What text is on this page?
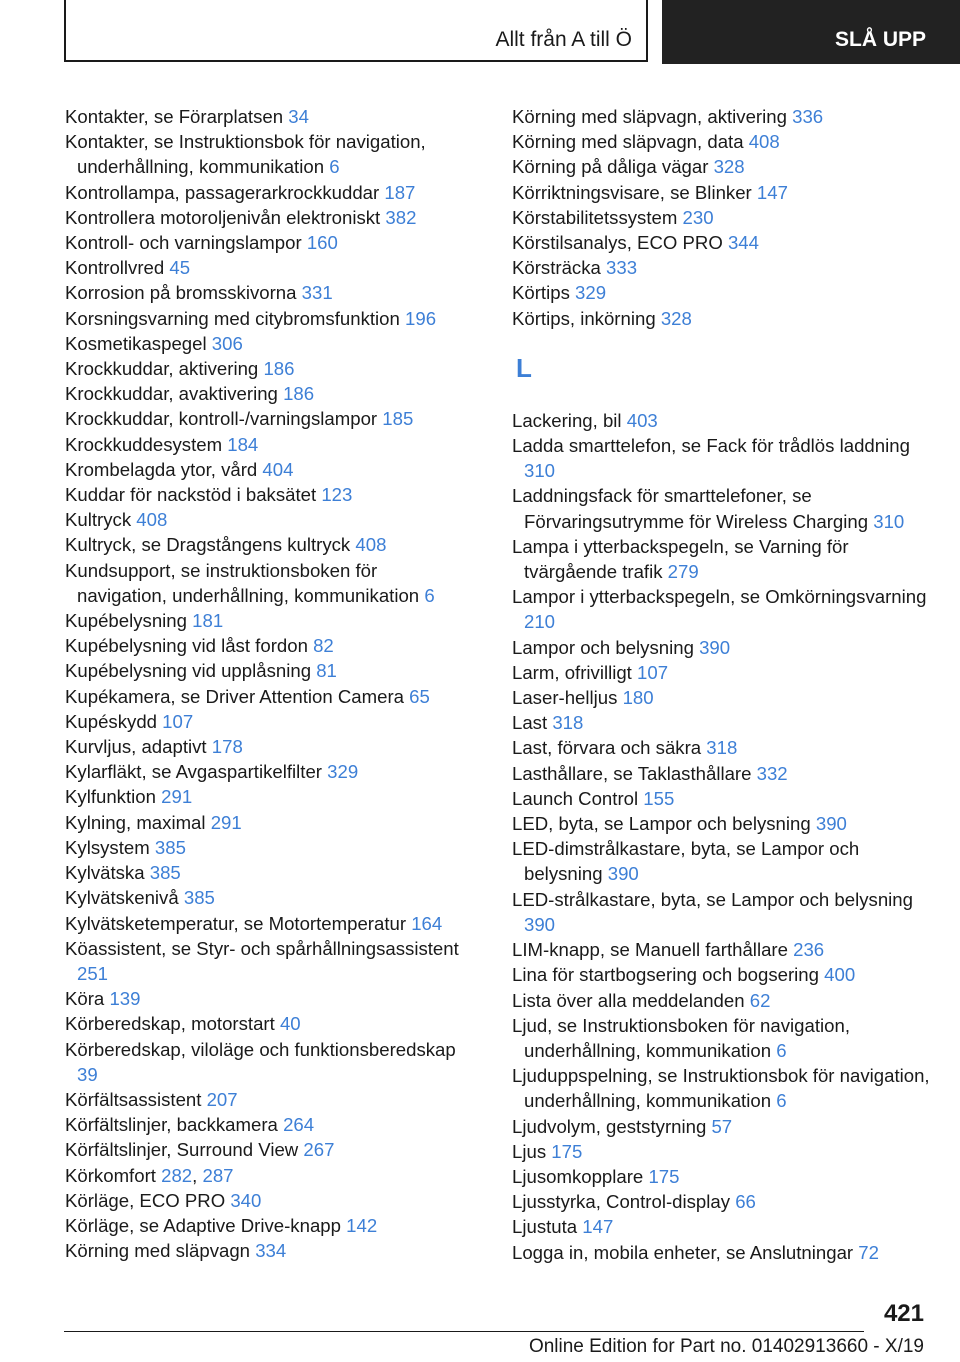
Allt från A till Ö	SLÅ UPP
Kontakter, se Förarplatsen 34
Kontakter, se Instruktionsbok för navigation, underhållning, kommunikation 6
Kontrollampa, passagerarkrockkuddar 187
Kontrollera motoroljenivån elektroniskt 382
Kontroll- och varningslampor 160
Kontrollvred 45
Korrosion på bromsskivorna 331
Korsningsvarning med citybromsfunktion 196
Kosmetikaspegel 306
Krockkuddar, aktivering 186
Krockkuddar, avaktivering 186
Krockkuddar, kontroll-/varningslampor 185
Krockkuddesystem 184
Krombelagda ytor, vård 404
Kuddar för nackstöd i baksätet 123
Kultryck 408
Kultryck, se Dragstångens kultryck 408
Kundsupport, se instruktionsboken för navigation, underhållning, kommunikation 6
Kupébelysning 181
Kupébelysning vid låst fordon 82
Kupébelysning vid upplåsning 81
Kupékamera, se Driver Attention Camera 65
Kupéskydd 107
Kurvljus, adaptivt 178
Kylarfläkt, se Avgaspartikelfilter 329
Kylfunktion 291
Kylning, maximal 291
Kylsystem 385
Kylvätska 385
Kylvätskenivå 385
Kylvätsketemperatur, se Motortemperatur 164
Köassistent, se Styr- och spårhållningsassistent 251
Köra 139
Körberedskap, motorstart 40
Körberedskap, viloläge och funktionsberedskap 39
Körfältsassistent 207
Körfältslinjer, backkamera 264
Körfältslinjer, Surround View 267
Körkomfort 282, 287
Körläge, ECO PRO 340
Körläge, se Adaptive Drive-knapp 142
Körning med släpvagn 334
Körning med släpvagn, aktivering 336
Körning med släpvagn, data 408
Körning på dåliga vägar 328
Körriktningsvisare, se Blinker 147
Körstabilitetssystem 230
Körstilsanalys, ECO PRO 344
Körsträcka 333
Körtips 329
Körtips, inkörning 328
L
Lackering, bil 403
Ladda smarttelefon, se Fack för trådlös laddning 310
Laddningsfack för smarttelefoner, se Förvaringsutrymme för Wireless Charging 310
Lampa i ytterbackspegeln, se Varning för tvärgående trafik 279
Lampor i ytterbackspegeln, se Omkörningsvarning 210
Lampor och belysning 390
Larm, ofrivilligt 107
Laser-helljus 180
Last 318
Last, förvara och säkra 318
Lasthållare, se Taklasthållare 332
Launch Control 155
LED, byta, se Lampor och belysning 390
LED-dimstrålkastare, byta, se Lampor och belysning 390
LED-strålkastare, byta, se Lampor och belysning 390
LIM-knapp, se Manuell farthållare 236
Lina för startbogsering och bogsering 400
Lista över alla meddelanden 62
Ljud, se Instruktionsboken för navigation, underhållning, kommunikation 6
Ljuduppspelning, se Instruktionsbok för navigation, underhållning, kommunikation 6
Ljudvolym, geststyrning 57
Ljus 175
Ljusomkopplare 175
Ljusstyrka, Control-display 66
Ljustuta 147
Logga in, mobila enheter, se Anslutningar 72
421
Online Edition for Part no. 01402913660 - X/19
